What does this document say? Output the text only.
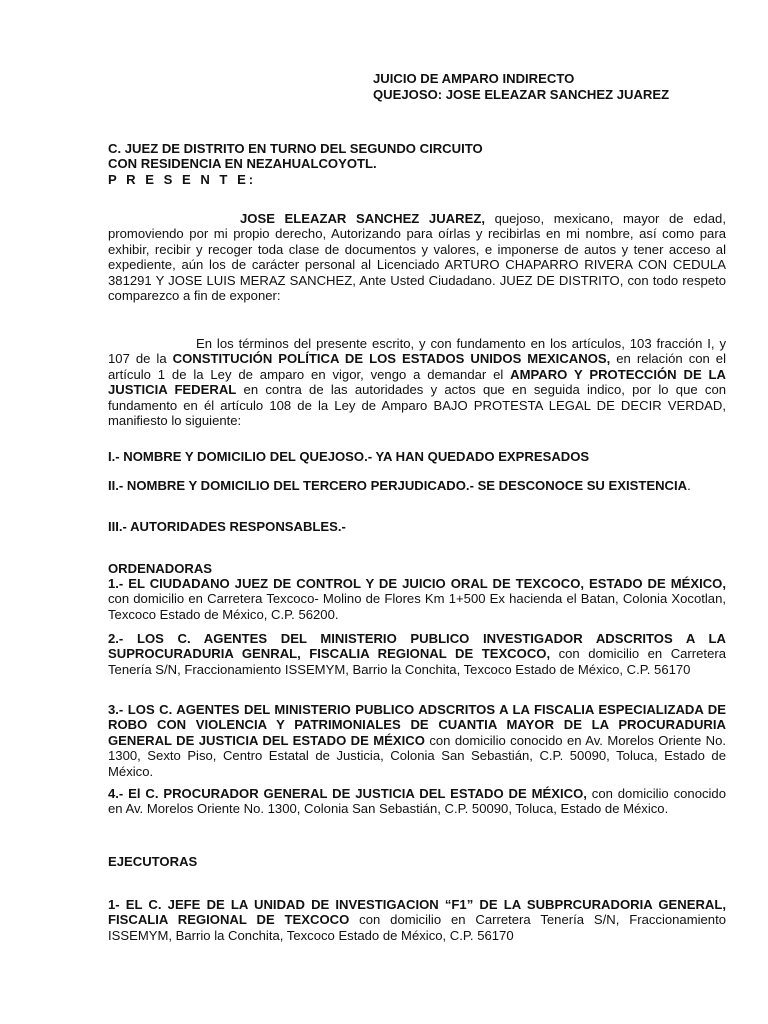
JUICIO DE AMPARO INDIRECTO
QUEJOSO: JOSE ELEAZAR SANCHEZ JUAREZ
C. JUEZ DE DISTRITO EN TURNO DEL SEGUNDO CIRCUITO
CON RESIDENCIA EN NEZAHUALCOYOTL.
P R E S E N T E:

JOSE ELEAZAR SANCHEZ JUAREZ, quejoso, mexicano, mayor de edad, promoviendo por mi propio derecho, Autorizando para oírlas y recibirlas en mi nombre, así como para exhibir, recibir y recoger toda clase de documentos y valores, e imponerse de autos y tener acceso al expediente, aún los de carácter personal al Licenciado ARTURO CHAPARRO RIVERA CON CEDULA 381291 Y JOSE LUIS MERAZ SANCHEZ, Ante Usted Ciudadano. JUEZ DE DISTRITO, con todo respeto comparezco a fin de exponer:

En los términos del presente escrito, y con fundamento en los artículos, 103 fracción I, y 107 de la CONSTITUCIÓN POLÍTICA DE LOS ESTADOS UNIDOS MEXICANOS, en relación con el artículo 1 de la Ley de amparo en vigor, vengo a demandar el AMPARO Y PROTECCIÓN DE LA JUSTICIA FEDERAL en contra de las autoridades y actos que en seguida indico, por lo que con fundamento en él artículo 108 de la Ley de Amparo BAJO PROTESTA LEGAL DE DECIR VERDAD, manifiesto lo siguiente:

I.- NOMBRE Y DOMICILIO DEL QUEJOSO.- YA HAN QUEDADO EXPRESADOS

II.- NOMBRE Y DOMICILIO DEL TERCERO PERJUDICADO.- SE DESCONOCE SU EXISTENCIA.

III.- AUTORIDADES RESPONSABLES.-
ORDENADORAS

1.- EL CIUDADANO JUEZ DE CONTROL Y DE JUICIO ORAL DE TEXCOCO, ESTADO DE MÉXICO, con domicilio en Carretera Texcoco- Molino de Flores Km 1+500 Ex hacienda el Batan, Colonia Xocotlan, Texcoco Estado de México, C.P. 56200.

2.- LOS C. AGENTES DEL MINISTERIO PUBLICO INVESTIGADOR ADSCRITOS A LA SUPROCURADURIA GENRAL, FISCALIA REGIONAL DE TEXCOCO, con domicilio en Carretera Tenería S/N, Fraccionamiento ISSEMYM, Barrio la Conchita, Texcoco Estado de México, C.P. 56170

3.- LOS C. AGENTES DEL MINISTERIO PUBLICO ADSCRITOS A LA FISCALIA ESPECIALIZADA DE ROBO CON VIOLENCIA Y PATRIMONIALES DE CUANTIA MAYOR DE LA PROCURADURIA GENERAL DE JUSTICIA DEL ESTADO DE MÉXICO con domicilio conocido en Av. Morelos Oriente No. 1300, Sexto Piso, Centro Estatal de Justicia, Colonia San Sebastián, C.P. 50090, Toluca, Estado de México.

4.- El C. PROCURADOR GENERAL DE JUSTICIA DEL ESTADO DE MÉXICO, con domicilio conocido en Av. Morelos Oriente No. 1300, Colonia San Sebastián, C.P. 50090, Toluca, Estado de México.

EJECUTORAS

1- EL C. JEFE DE LA UNIDAD DE INVESTIGACION “F1” DE LA SUBPRCURADORIA GENERAL, FISCALIA REGIONAL DE TEXCOCO con domicilio en Carretera Tenería S/N, Fraccionamiento ISSEMYM, Barrio la Conchita, Texcoco Estado de México, C.P. 56170
